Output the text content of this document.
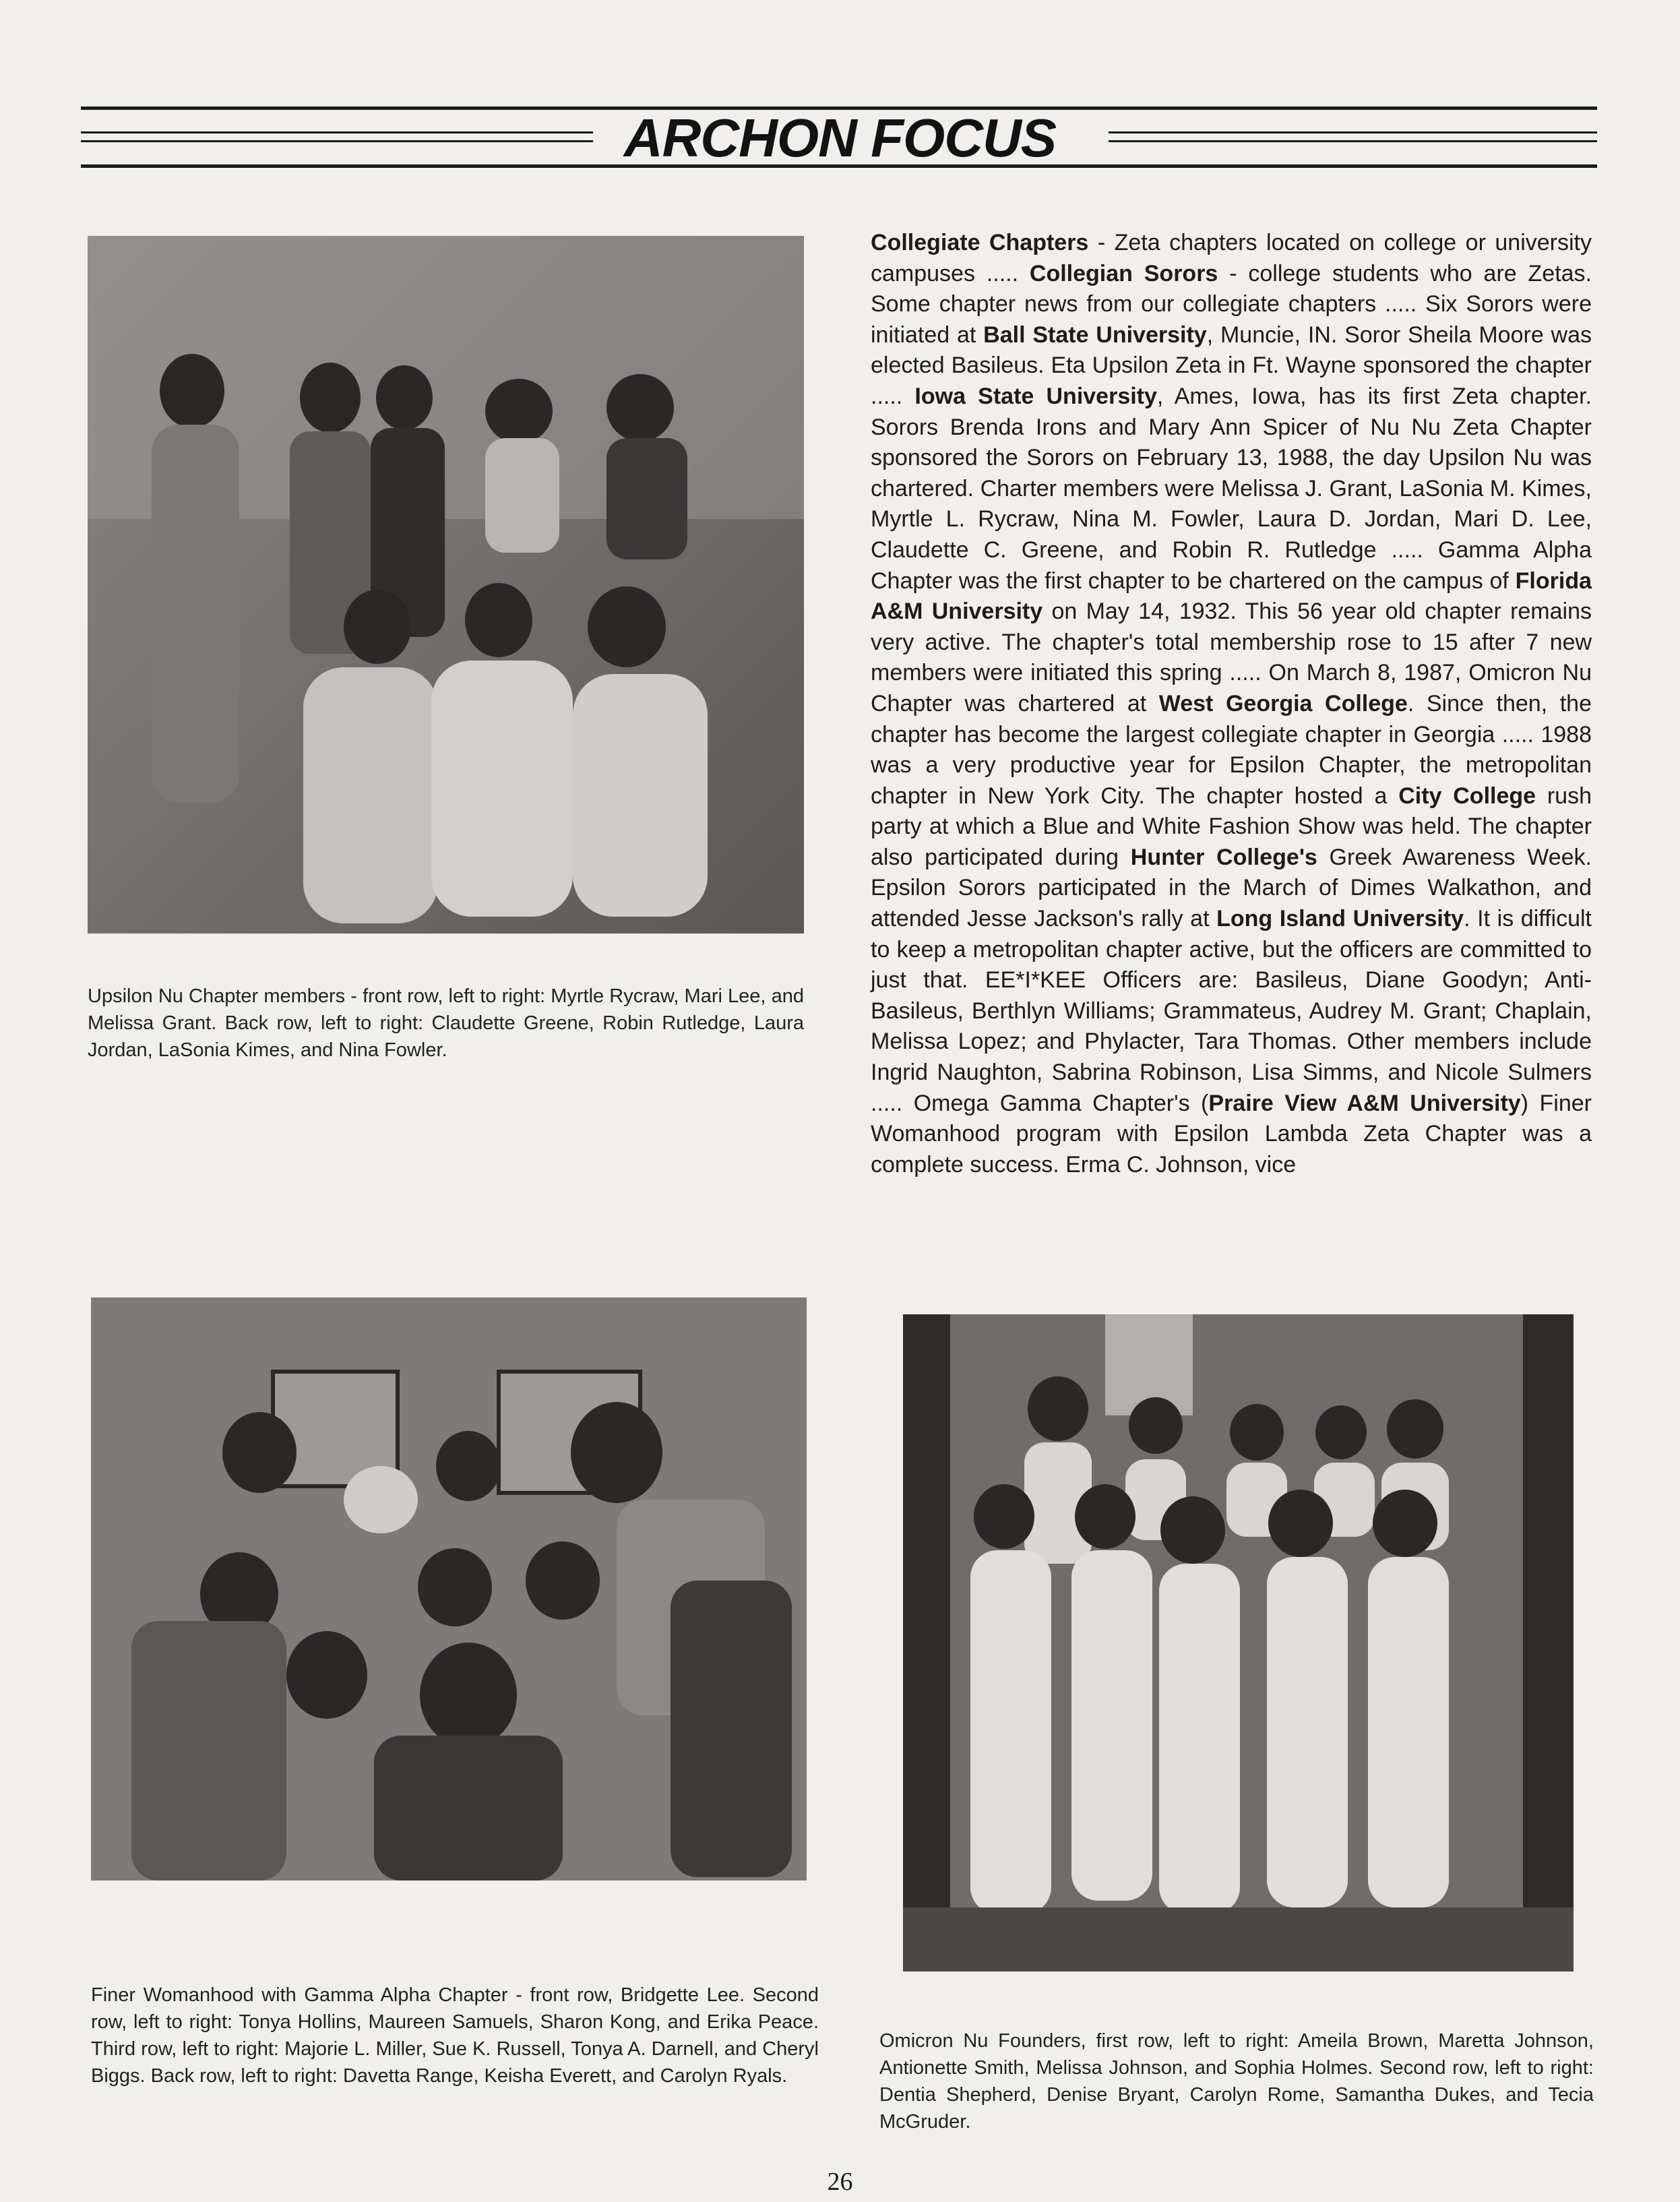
ARCHON FOCUS
Upsilon Nu Chapter members - front row, left to right: Myrtle Rycraw, Mari Lee, and Melissa Grant. Back row, left to right: Claudette Greene, Robin Rutledge, Laura Jordan, LaSonia Kimes, and Nina Fowler.
Finer Womanhood with Gamma Alpha Chapter - front row, Bridgette Lee. Second row, left to right: Tonya Hollins, Maureen Samuels, Sharon Kong, and Erika Peace. Third row, left to right: Majorie L. Miller, Sue K. Russell, Tonya A. Darnell, and Cheryl Biggs. Back row, left to right: Davetta Range, Keisha Everett, and Carolyn Ryals.
Omicron Nu Founders, first row, left to right: Ameila Brown, Maretta Johnson, Antionette Smith, Melissa Johnson, and Sophia Holmes. Second row, left to right: Dentia Shepherd, Denise Bryant, Carolyn Rome, Samantha Dukes, and Tecia McGruder.

Collegiate Chapters - Zeta chapters located on college or university campuses ..... Collegian Sorors - college students who are Zetas. Some chapter news from our collegiate chapters ..... Six Sorors were initiated at Ball State University, Muncie, IN. Soror Sheila Moore was elected Basileus. Eta Upsilon Zeta in Ft. Wayne sponsored the chapter ..... Iowa State University, Ames, Iowa, has its first Zeta chapter. Sorors Brenda Irons and Mary Ann Spicer of Nu Nu Zeta Chapter sponsored the Sorors on February 13, 1988, the day Upsilon Nu was chartered. Charter members were Melissa J. Grant, LaSonia M. Kimes, Myrtle L. Rycraw, Nina M. Fowler, Laura D. Jordan, Mari D. Lee, Claudette C. Greene, and Robin R. Rutledge ..... Gamma Alpha Chapter was the first chapter to be chartered on the campus of Florida A&M University on May 14, 1932. This 56 year old chapter remains very active. The chapter's total membership rose to 15 after 7 new members were initiated this spring ..... On March 8, 1987, Omicron Nu Chapter was chartered at West Georgia College. Since then, the chapter has become the largest collegiate chapter in Georgia ..... 1988 was a very productive year for Epsilon Chapter, the metropolitan chapter in New York City. The chapter hosted a City College rush party at which a Blue and White Fashion Show was held. The chapter also participated during Hunter College's Greek Awareness Week. Epsilon Sorors participated in the March of Dimes Walkathon, and attended Jesse Jackson's rally at Long Island University. It is difficult to keep a metropolitan chapter active, but the officers are committed to just that. EE*I*KEE Officers are: Basileus, Diane Goodyn; Anti-Basileus, Berthlyn Williams; Grammateus, Audrey M. Grant; Chaplain, Melissa Lopez; and Phylacter, Tara Thomas. Other members include Ingrid Naughton, Sabrina Robinson, Lisa Simms, and Nicole Sulmers ..... Omega Gamma Chapter's (Praire View A&M University) Finer Womanhood program with Epsilon Lambda Zeta Chapter was a complete success. Erma C. Johnson, vice

26
